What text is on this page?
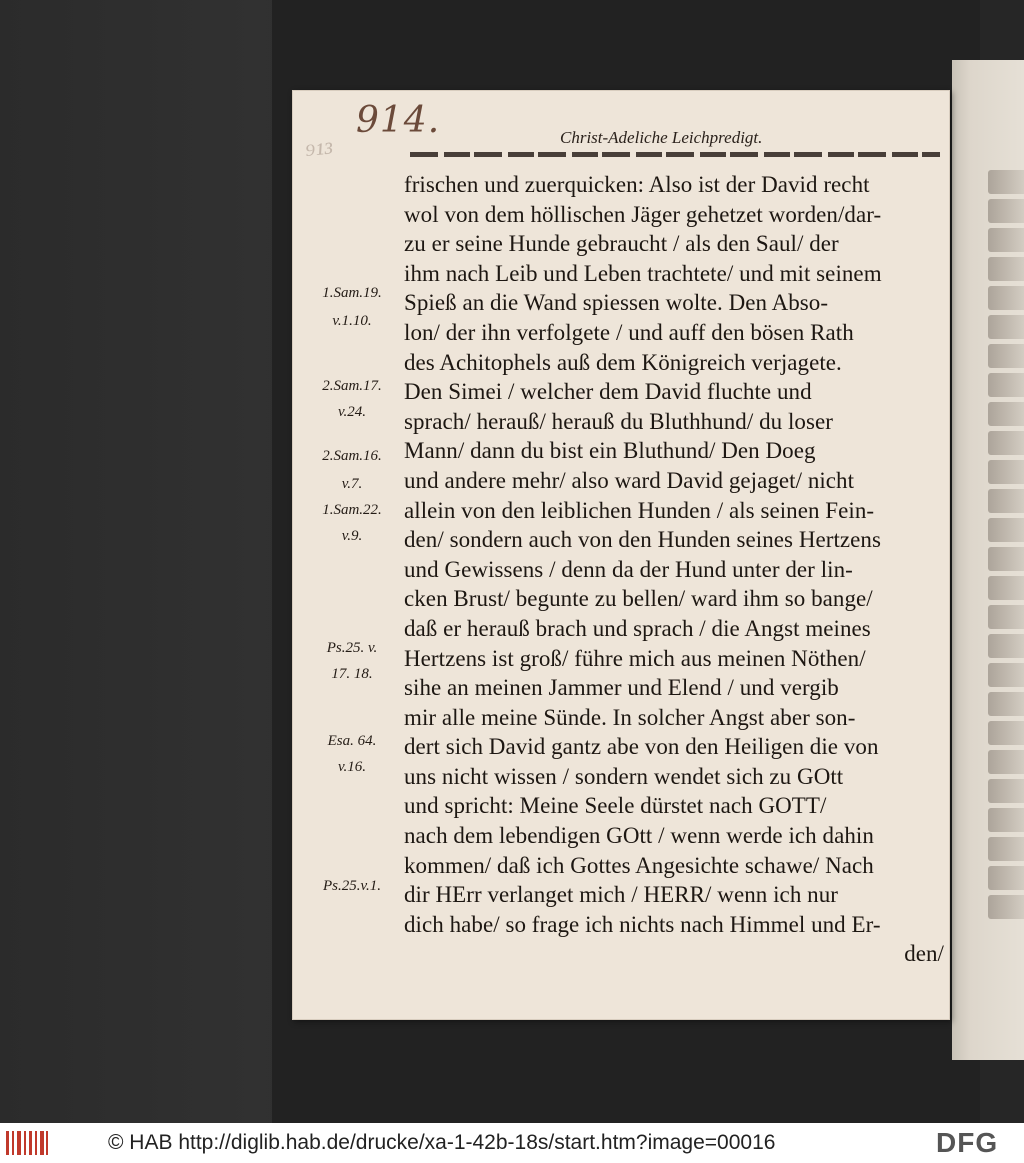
⁹¹³
914.	Christ-Adeliche Leichpredigt.
frischen und zuerquicken: Also ist der David recht
wol von dem höllischen Jäger gehetzet worden/dar-
zu er seine Hunde gebraucht / als den Saul/ der
ihm nach Leib und Leben trachtete/ und mit seinem
Spieß an die Wand spiessen wolte. Den Abso-
lon/ der ihn verfolgete / und auff den bösen Rath
des Achitophels auß dem Königreich verjagete.
Den Simei / welcher dem David fluchte und
sprach/ herauß/ herauß du Bluthhund/ du loser
Mann/ dann du bist ein Bluthund/ Den Doeg
und andere mehr/ also ward David gejaget/ nicht
allein von den leiblichen Hunden / als seinen Fein-
den/ sondern auch von den Hunden seines Hertzens
und Gewissens / denn da der Hund unter der lin-
cken Brust/ begunte zu bellen/ ward ihm so bange/
daß er herauß brach und sprach / die Angst meines
Hertzens ist groß/ führe mich aus meinen Nöthen/
sihe an meinen Jammer und Elend / und vergib
mir alle meine Sünde. In solcher Angst aber son-
dert sich David gantz abe von den Heiligen die von
uns nicht wissen / sondern wendet sich zu GOtt
und spricht: Meine Seele dürstet nach GOTT/
nach dem lebendigen GOtt / wenn werde ich dahin
kommen/ daß ich Gottes Angesichte schawe/ Nach
dir HErr verlanget mich / HERR/ wenn ich nur
dich habe/ so frage ich nichts nach Himmel und Er-
den/
1.Sam.19.
v.1.10.
2.Sam.17.
v.24.
2.Sam.16.
v.7.
1.Sam.22.
v.9.
Ps.25. v.
17. 18.
Esa. 64.
v.16.
Ps.25.v.1.
© HAB http://diglib.hab.de/drucke/xa-1-42b-18s/start.htm?image=00016	DFG
